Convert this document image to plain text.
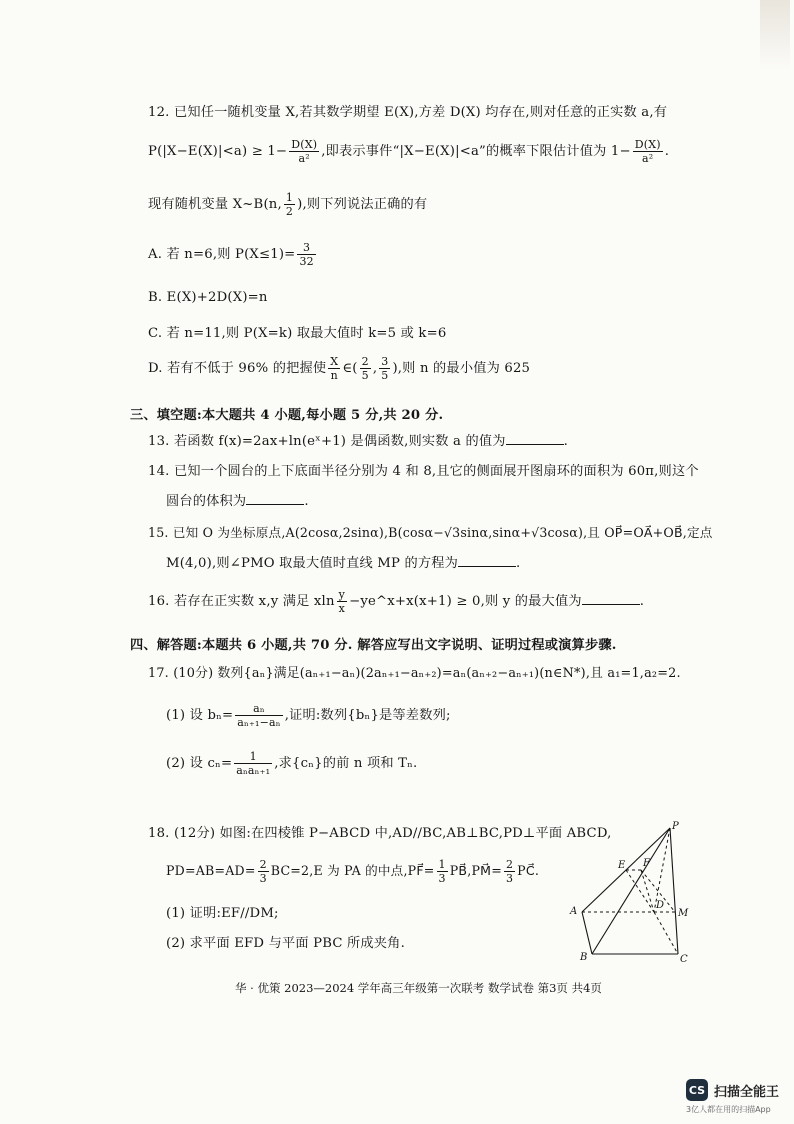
12. 已知任一随机变量 X,若其数学期望 E(X),方差 D(X) 均存在,则对任意的正实数 a,有
$P(|X-E(X)|<a) \ge 1- \frac{D(X)}{\text{a²}}$ ,即表示事件“|X−E(X)|<a”的概率下限估计值为 $1- \frac{D(X)}{\text{a²}}$ .
现有随机变量 X~B(n, $\frac{1}{2}$ ),则下列说法正确的有
A. 若 n=6,则 $P(X\le 1)= \frac{3}{32}$
B. E(X)+2D(X)=n
C. 若 n=11,则 P(X=k) 取最大值时 k=5 或 k=6
D. 若有不低于 96% 的把握使 $\frac{X}{n}$ ∈( $\frac{2}{5}$ , $\frac{3}{5}$ ),则 n 的最小值为 625
三、填空题:本大题共 4 小题,每小题 5 分,共 20 分.
13. 若函数 f(x)=2ax+ln(eˣ+1) 是偶函数,则实数 a 的值为	.
14. 已知一个圆台的上下底面半径分别为 4 和 8,且它的侧面展开图扇环的面积为 60π,则这个
圆台的体积为	.
15. 已知 O 为坐标原点,A(2cosα,2sinα),B(cosα−√3sinα,sinα+√3cosα),且 OP⃗=OA⃗+OB⃗,定点
M(4,0),则∠PMO 取最大值时直线 MP 的方程为	.
16. 若存在正实数 x,y 满足 xln $\frac{y}{x}$ −ye^x+x(x+1) ≥ 0,则 y 的最大值为	.
四、解答题:本题共 6 小题,共 70 分. 解答应写出文字说明、证明过程或演算步骤.
17. (10分) 数列{aₙ}满足(aₙ₊₁−aₙ)(2aₙ₊₁−aₙ₊₂)=aₙ(aₙ₊₂−aₙ₊₁)(n∈N*),且 a₁=1,a₂=2.
(1) 设 $b_n= \frac{\text{aₙ}}{\text{aₙ₊₁−aₙ}}$ ,证明:数列{bₙ}是等差数列;
(2) 设 $c_n= \frac{1}{\text{aₙaₙ₊₁}}$ ,求{cₙ}的前 n 项和 Tₙ.
18. (12分) 如图:在四棱锥 P−ABCD 中,AD//BC,AB⊥BC,PD⊥平面 ABCD,
$PD=AB=AD= \frac{2}{3} BC=2,E$ 为 PA 的中点,PF⃗= $\frac{1}{3}$ PB⃗,PM⃗= $\frac{2}{3}$ PC⃗.
(1) 证明:EF//DM;
(2) 求平面 EFD 与平面 PBC 所成夹角.
P
E F
A
D
M
B	C
华 · 优策 2023—2024 学年高三年级第一次联考 数学试卷 第3页 共4页
CS 扫描全能王
3亿人都在用的扫描App
